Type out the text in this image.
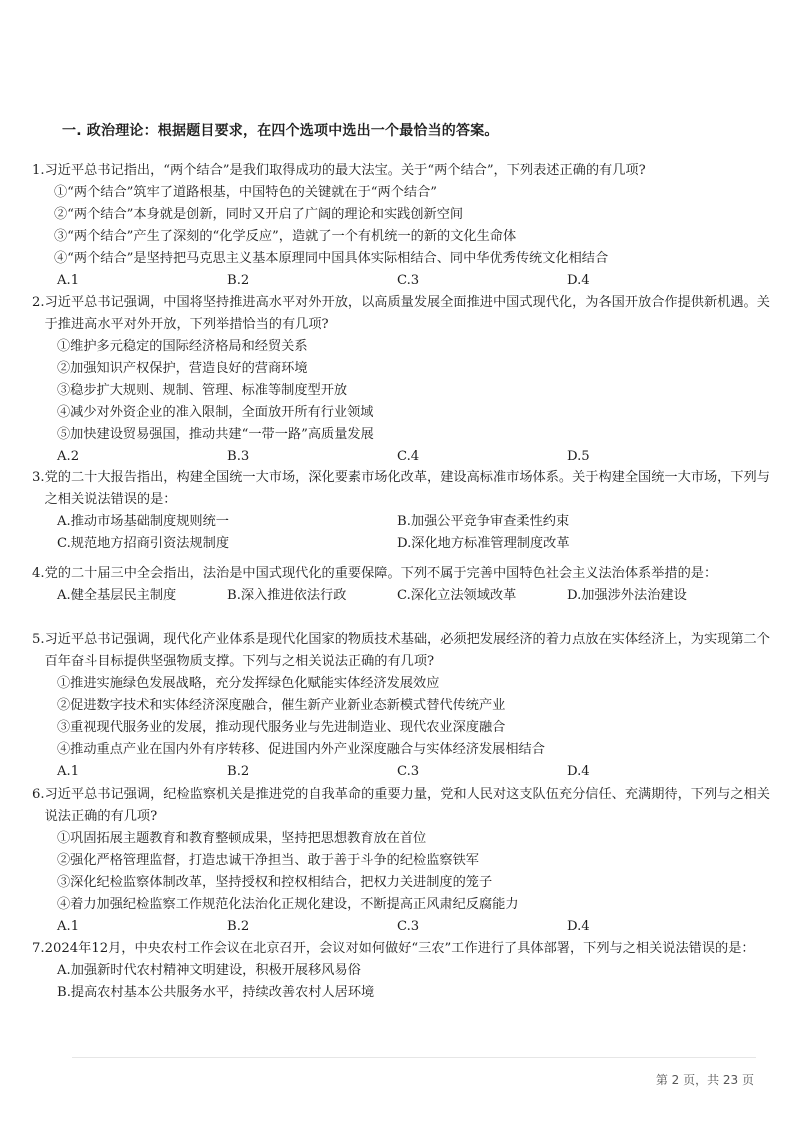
一. 政治理论：根据题目要求，在四个选项中选出一个最恰当的答案。
1. 习近平总书记指出，“两个结合”是我们取得成功的最大法宝。关于“两个结合”，下列表述正确的有几项?
①“两个结合”筑牢了道路根基，中国特色的关键就在于“两个结合”
②“两个结合”本身就是创新，同时又开启了广阔的理论和实践创新空间
③“两个结合”产生了深刻的“化学反应”，造就了一个有机统一的新的文化生命体
④“两个结合”是坚持把马克思主义基本原理同中国具体实际相结合、同中华优秀传统文化相结合
A.1	B.2	C.3	D.4
2. 习近平总书记强调，中国将坚持推进高水平对外开放，以高质量发展全面推进中国式现代化，为各国开放合作提供新机遇。关于推进高水平对外开放，下列举措恰当的有几项?
①维护多元稳定的国际经济格局和经贸关系
②加强知识产权保护，营造良好的营商环境
③稳步扩大规则、规制、管理、标准等制度型开放
④减少对外资企业的准入限制，全面放开所有行业领域
⑤加快建设贸易强国，推动共建“一带一路”高质量发展
A.2	B.3	C.4	D.5
3. 党的二十大报告指出，构建全国统一大市场，深化要素市场化改革，建设高标准市场体系。关于构建全国统一大市场，下列与之相关说法错误的是：
A.推动市场基础制度规则统一	B.加强公平竞争审查柔性约束
C.规范地方招商引资法规制度	D.深化地方标准管理制度改革
4. 党的二十届三中全会指出，法治是中国式现代化的重要保障。下列不属于完善中国特色社会主义法治体系举措的是：
A.健全基层民主制度	B.深入推进依法行政	C.深化立法领域改革	D.加强涉外法治建设
5. 习近平总书记强调，现代化产业体系是现代化国家的物质技术基础，必须把发展经济的着力点放在实体经济上，为实现第二个百年奋斗目标提供坚强物质支撑。下列与之相关说法正确的有几项?
①推进实施绿色发展战略，充分发挥绿色化赋能实体经济发展效应
②促进数字技术和实体经济深度融合，催生新产业新业态新模式替代传统产业
③重视现代服务业的发展，推动现代服务业与先进制造业、现代农业深度融合
④推动重点产业在国内外有序转移、促进国内外产业深度融合与实体经济发展相结合
A.1	B.2	C.3	D.4
6. 习近平总书记强调，纪检监察机关是推进党的自我革命的重要力量，党和人民对这支队伍充分信任、充满期待，下列与之相关说法正确的有几项?
①巩固拓展主题教育和教育整顿成果，坚持把思想教育放在首位
②强化严格管理监督，打造忠诚干净担当、敢于善于斗争的纪检监察铁军
③深化纪检监察体制改革，坚持授权和控权相结合，把权力关进制度的笼子
④着力加强纪检监察工作规范化法治化正规化建设，不断提高正风肃纪反腐能力
A.1	B.2	C.3	D.4
7. 2024年12月，中央农村工作会议在北京召开，会议对如何做好“三农”工作进行了具体部署，下列与之相关说法错误的是：
A.加强新时代农村精神文明建设，积极开展移风易俗
B.提高农村基本公共服务水平，持续改善农村人居环境
第 2 页，共 23 页
